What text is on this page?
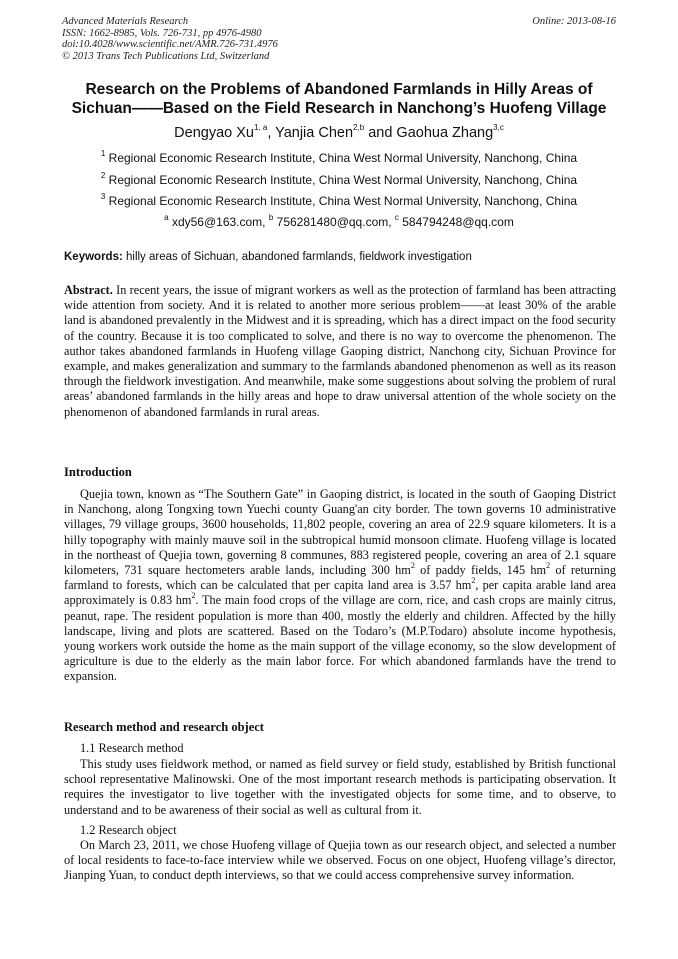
Advanced Materials Research
ISSN: 1662-8985, Vols. 726-731, pp 4976-4980
doi:10.4028/www.scientific.net/AMR.726-731.4976
© 2013 Trans Tech Publications Ltd, Switzerland
Online: 2013-08-16
Research on the Problems of Abandoned Farmlands in Hilly Areas of
Sichuan——Based on the Field Research in Nanchong’s Huofeng Village
Dengyao Xu$^{1, a}$, Yanjia Chen$^{2,b}$ and Gaohua Zhang$^{3,c}$
$^1$ Regional Economic Research Institute, China West Normal University, Nanchong, China
$^2$ Regional Economic Research Institute, China West Normal University, Nanchong, China
$^3$ Regional Economic Research Institute, China West Normal University, Nanchong, China
$^a$ xdy56@163.com, $^b$ 756281480@qq.com, $^c$ 584794248@qq.com
Keywords: hilly areas of Sichuan, abandoned farmlands, fieldwork investigation

Abstract. In recent years, the issue of migrant workers as well as the protection of farmland has been attracting wide attention from society. And it is related to another more serious problem——at least 30% of the arable land is abandoned prevalently in the Midwest and it is spreading, which has a direct impact on the food security of the country. Because it is too complicated to solve, and there is no way to overcome the phenomenon. The author takes abandoned farmlands in Huofeng village Gaoping district, Nanchong city, Sichuan Province for example, and makes generalization and summary to the farmlands abandoned phenomenon as well as its reason through the fieldwork investigation. And meanwhile, make some suggestions about solving the problem of rural areas’ abandoned farmlands in the hilly areas and hope to draw universal attention of the whole society on the phenomenon of abandoned farmlands in rural areas.

Introduction

Quejia town, known as “The Southern Gate” in Gaoping district, is located in the south of Gaoping District in Nanchong, along Tongxing town Yuechi county Guang'an city border. The town governs 10 administrative villages, 79 village groups, 3600 households, 11,802 people, covering an area of 22.9 square kilometers. It is a hilly topography with mainly mauve soil in the subtropical humid monsoon climate. Huofeng village is located in the northeast of Quejia town, governing 8 communes, 883 registered people, covering an area of 2.1 square kilometers, 731 square hectometers arable lands, including 300 $hm^2$ of paddy fields, 145 $hm^2$ of returning farmland to forests, which can be calculated that per capita land area is 3.57 $hm^2$, per capita arable land area approximately is 0.83 $hm^2$. The main food crops of the village are corn, rice, and cash crops are mainly citrus, peanut, rape. The resident population is more than 400, mostly the elderly and children. Affected by the hilly landscape, living and plots are scattered. Based on the Todaro’s (M.P.Todaro) absolute income hypothesis, young workers work outside the home as the main support of the village economy, so the slow development of agriculture is due to the elderly as the main labor force. For which abandoned farmlands have the trend to expansion.

Research method and research object
1.1 Research method

This study uses fieldwork method, or named as field survey or field study, established by British functional school representative Malinowski. One of the most important research methods is participating observation. It requires the investigator to live together with the investigated objects for some time, and to observe, to understand and to be awareness of their social as well as cultural from it.

1.2 Research object

On March 23, 2011, we chose Huofeng village of Quejia town as our research object, and selected a number of local residents to face-to-face interview while we observed. Focus on one object, Huofeng village’s director, Jianping Yuan, to conduct depth interviews, so that we could access comprehensive survey information.
